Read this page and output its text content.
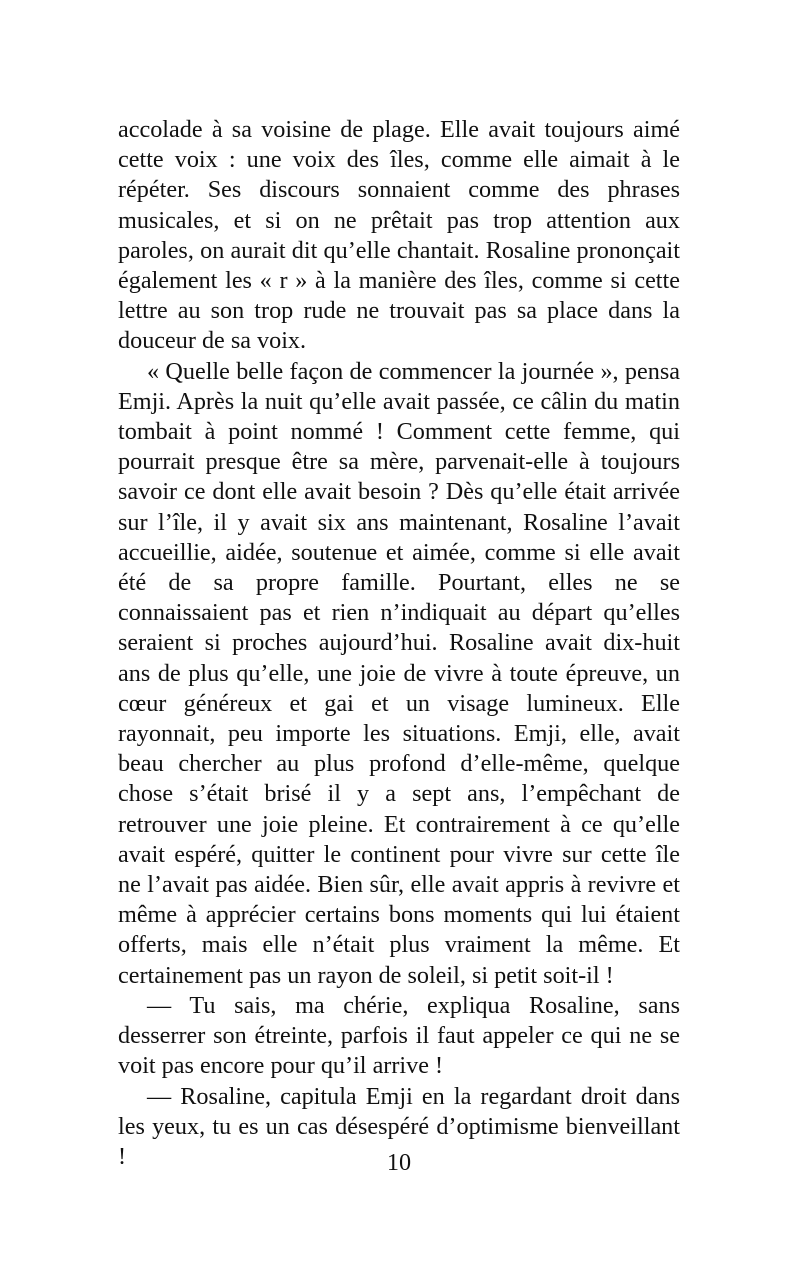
accolade à sa voisine de plage. Elle avait toujours aimé cette voix : une voix des îles, comme elle aimait à le répéter. Ses discours sonnaient comme des phrases musicales, et si on ne prêtait pas trop attention aux paroles, on aurait dit qu’elle chantait. Rosaline prononçait également les « r » à la manière des îles, comme si cette lettre au son trop rude ne trouvait pas sa place dans la douceur de sa voix.

« Quelle belle façon de commencer la journée », pensa Emji. Après la nuit qu’elle avait passée, ce câlin du matin tombait à point nommé ! Comment cette femme, qui pourrait presque être sa mère, parvenait-elle à toujours savoir ce dont elle avait besoin ? Dès qu’elle était arrivée sur l’île, il y avait six ans maintenant, Rosaline l’avait accueillie, aidée, soutenue et aimée, comme si elle avait été de sa propre famille. Pourtant, elles ne se connaissaient pas et rien n’indiquait au départ qu’elles seraient si proches aujourd’hui. Rosaline avait dix-huit ans de plus qu’elle, une joie de vivre à toute épreuve, un cœur généreux et gai et un visage lumineux. Elle rayonnait, peu importe les situations. Emji, elle, avait beau chercher au plus profond d’elle-même, quelque chose s’était brisé il y a sept ans, l’empêchant de retrouver une joie pleine. Et contrairement à ce qu’elle avait espéré, quitter le continent pour vivre sur cette île ne l’avait pas aidée. Bien sûr, elle avait appris à revivre et même à apprécier certains bons moments qui lui étaient offerts, mais elle n’était plus vraiment la même. Et certainement pas un rayon de soleil, si petit soit-il !

— Tu sais, ma chérie, expliqua Rosaline, sans desserrer son étreinte, parfois il faut appeler ce qui ne se voit pas encore pour qu’il arrive !

— Rosaline, capitula Emji en la regardant droit dans les yeux, tu es un cas désespéré d’optimisme bienveillant !	10
